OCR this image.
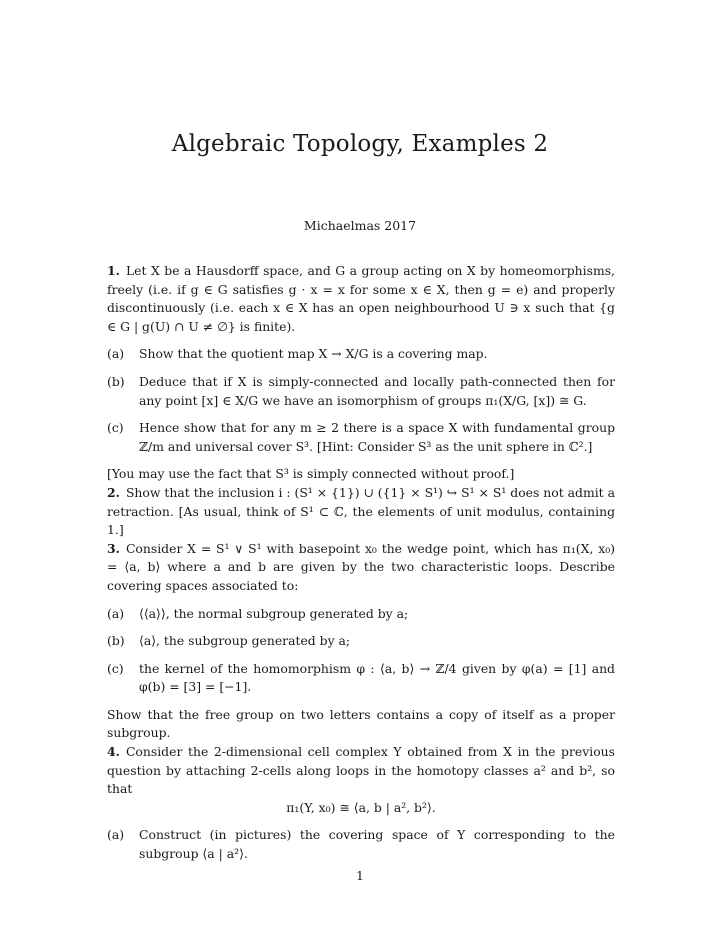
Algebraic Topology, Examples 2
Michaelmas 2017

1. Let X be a Hausdorff space, and G a group acting on X by homeomorphisms, freely (i.e. if g ∈ G satisfies g · x = x for some x ∈ X, then g = e) and properly discontinuously (i.e. each x ∈ X has an open neighbourhood U ∋ x such that {g ∈ G | g(U) ∩ U ≠ ∅} is finite).

(a)	Show that the quotient map X → X/G is a covering map.
(b)	Deduce that if X is simply-connected and locally path-connected then for any point [x] ∈ X/G we have an isomorphism of groups π₁(X/G, [x]) ≅ G.
(c)	Hence show that for any m ≥ 2 there is a space X with fundamental group ℤ/m and universal cover S³. [Hint: Consider S³ as the unit sphere in ℂ².]

[You may use the fact that S³ is simply connected without proof.]

2. Show that the inclusion i : (S¹ × {1}) ∪ ({1} × S¹) ↪ S¹ × S¹ does not admit a retraction. [As usual, think of S¹ ⊂ ℂ, the elements of unit modulus, containing 1.]

3. Consider X = S¹ ∨ S¹ with basepoint x₀ the wedge point, which has π₁(X, x₀) = ⟨a, b⟩ where a and b are given by the two characteristic loops. Describe covering spaces associated to:

(a)	⟨⟨a⟩⟩, the normal subgroup generated by a;
(b)	⟨a⟩, the subgroup generated by a;
(c)	the kernel of the homomorphism φ : ⟨a, b⟩ → ℤ/4 given by φ(a) = [1] and φ(b) = [3] = [−1].

Show that the free group on two letters contains a copy of itself as a proper subgroup.

4. Consider the 2-dimensional cell complex Y obtained from X in the previous question by attaching 2-cells along loops in the homotopy classes a² and b², so that

π₁(Y, x₀) ≅ ⟨a, b | a², b²⟩.

(a)	Construct (in pictures) the covering space of Y corresponding to the subgroup ⟨a | a²⟩.
1
